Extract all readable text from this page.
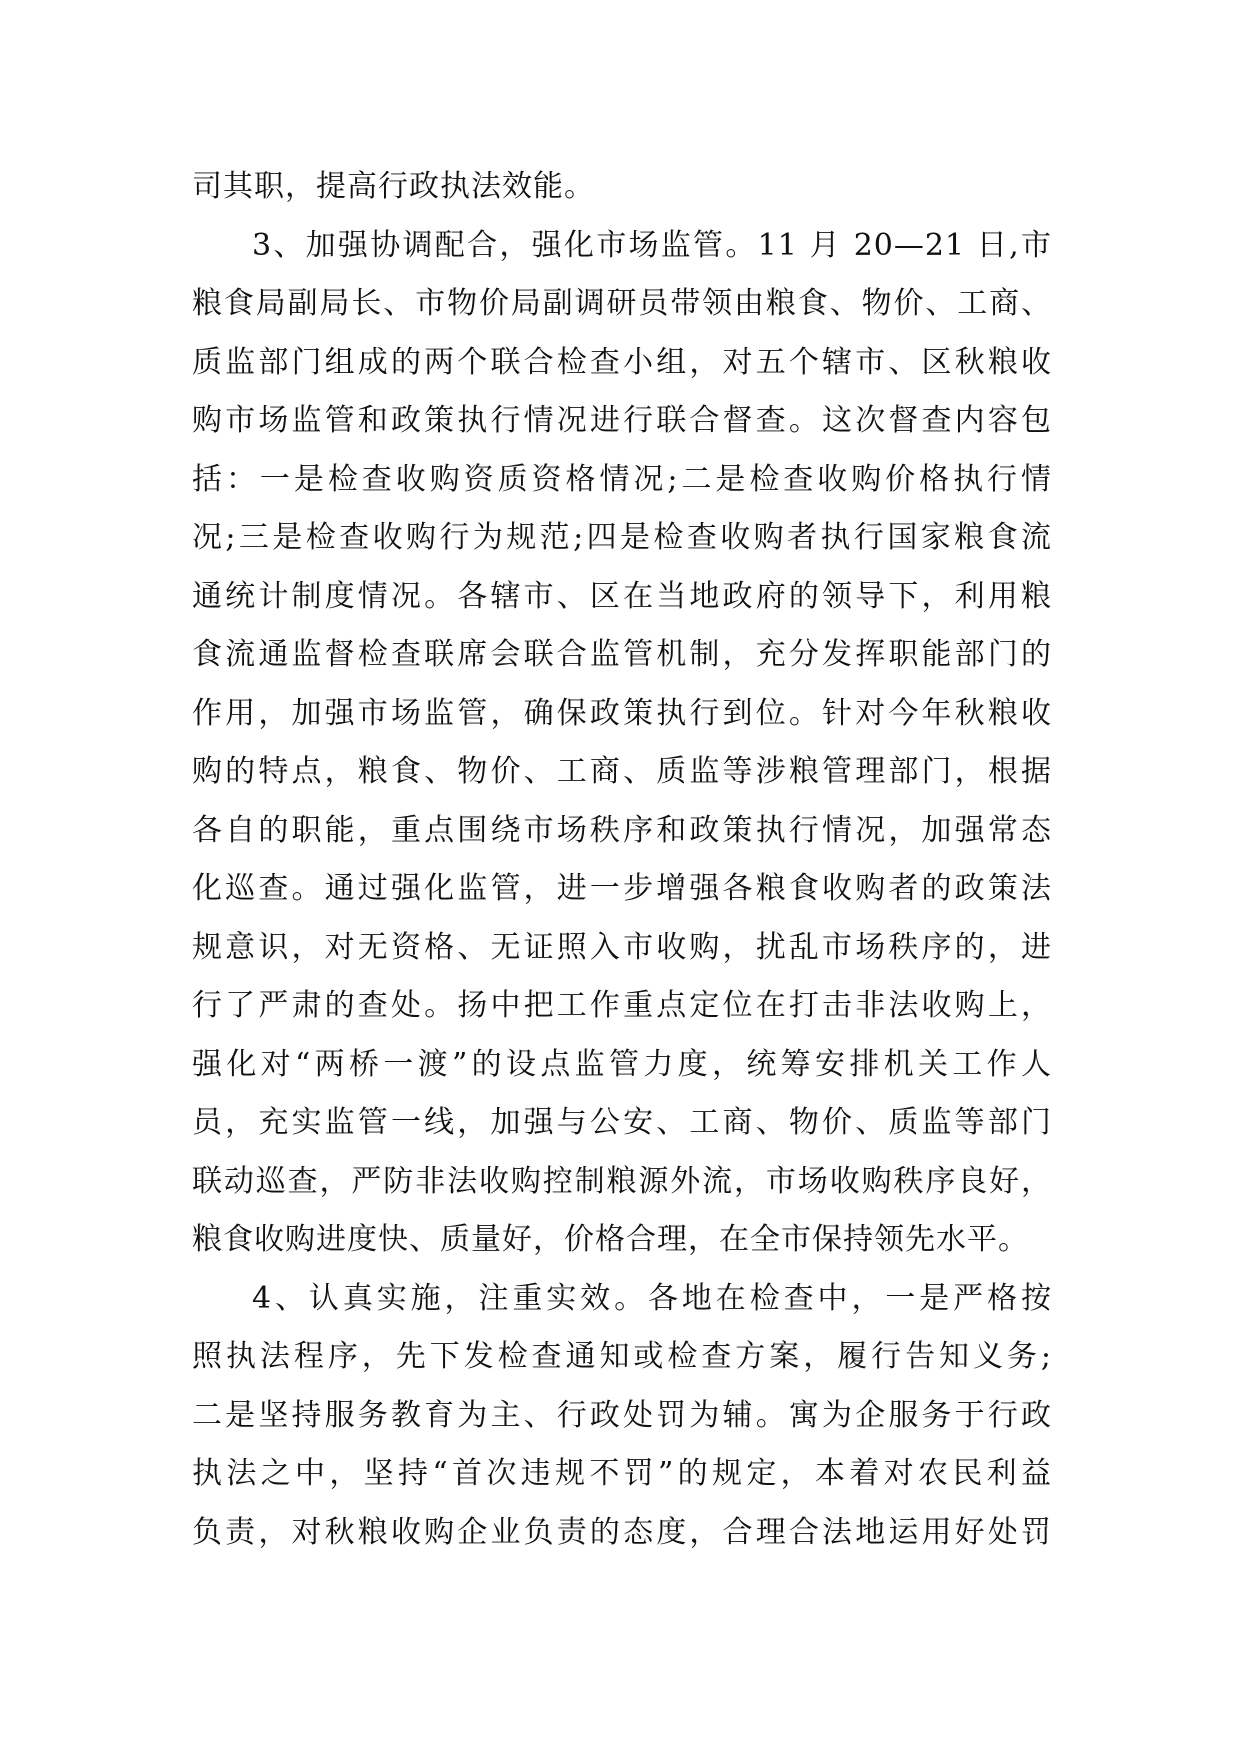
司其职，提高行政执法效能。
3、加强协调配合，强化市场监管。11 月 20—21 日,市
粮食局副局长、市物价局副调研员带领由粮食、物价、工商、
质监部门组成的两个联合检查小组，对五个辖市、区秋粮收
购市场监管和政策执行情况进行联合督查。这次督查内容包
括：一是检查收购资质资格情况;二是检查收购价格执行情
况;三是检查收购行为规范;四是检查收购者执行国家粮食流
通统计制度情况。各辖市、区在当地政府的领导下，利用粮
食流通监督检查联席会联合监管机制，充分发挥职能部门的
作用，加强市场监管，确保政策执行到位。针对今年秋粮收
购的特点，粮食、物价、工商、质监等涉粮管理部门，根据
各自的职能，重点围绕市场秩序和政策执行情况，加强常态
化巡查。通过强化监管，进一步增强各粮食收购者的政策法
规意识，对无资格、无证照入市收购，扰乱市场秩序的，进
行了严肃的查处。扬中把工作重点定位在打击非法收购上，
强化对“两桥一渡”的设点监管力度，统筹安排机关工作人
员，充实监管一线，加强与公安、工商、物价、质监等部门
联动巡查，严防非法收购控制粮源外流，市场收购秩序良好，
粮食收购进度快、质量好，价格合理，在全市保持领先水平。
4、认真实施，注重实效。各地在检查中，一是严格按
照执法程序，先下发检查通知或检查方案，履行告知义务;
二是坚持服务教育为主、行政处罚为辅。寓为企服务于行政
执法之中，坚持“首次违规不罚”的规定，本着对农民利益
负责，对秋粮收购企业负责的态度，合理合法地运用好处罚
